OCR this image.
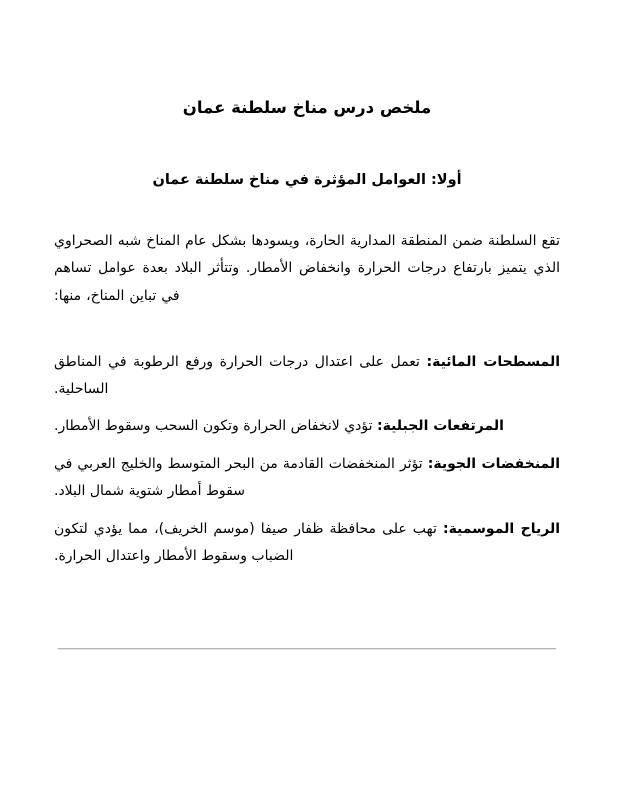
ملخص درس مناخ سلطنة عمان
أولا: العوامل المؤثرة في مناخ سلطنة عمان

تقع السلطنة ضمن المنطقة المدارية الحارة، ويسودها بشكل عام المناخ شبه الصحراوي الذي يتميز بارتفاع درجات الحرارة وانخفاض الأمطار. وتتأثر البلاد بعدة عوامل تساهم في تباين المناخ، منها:

المسطحات المائية: تعمل على اعتدال درجات الحرارة ورفع الرطوبة في المناطق الساحلية.
المرتفعات الجبلية: تؤدي لانخفاض الحرارة وتكون السحب وسقوط الأمطار.
المنخفضات الجوية: تؤثر المنخفضات القادمة من البحر المتوسط والخليج العربي في سقوط أمطار شتوية شمال البلاد.
الرياح الموسمية: تهب على محافظة ظفار صيفا (موسم الخريف)، مما يؤدي لتكون الضباب وسقوط الأمطار واعتدال الحرارة.
